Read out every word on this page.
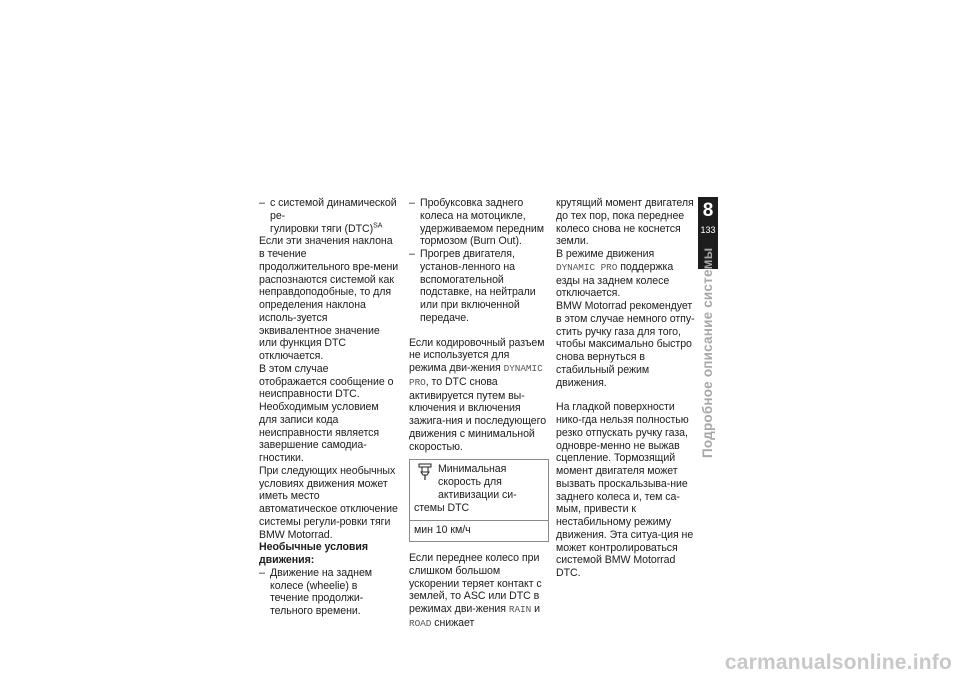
– с системой динамической ре-
гулировки тяги (DTC)$^{SA}$

Если эти значения наклона в течение продолжительного вре-мени распознаются системой как неправдоподобные, то для определения наклона исполь-зуется эквивалентное значение или функция DTC отключается.

В этом случае отображается сообщение о неисправности DTC. Необходимым условием для записи кода неисправности является завершение самодиа-гностики.

При следующих необычных условиях движения может иметь место автоматическое отключение системы регули-ровки тяги BMW Motorrad.

Необычные условия движения:

– Движение на заднем колесе (wheelie) в течение продолжи-тельного времени.
– Пробуксовка заднего колеса на мотоцикле, удерживаемом передним тормозом (Burn Out).
– Прогрев двигателя, установ-ленного на вспомогательной подставке, на нейтрали или при включенной передаче.

Если кодировочный разъем не используется для режима дви-жения DYNAMIC PRO, то DTC снова активируется путем вы-ключения и включения зажига-ния и последующего движения с минимальной скоростью.

Минимальная скорость для активизации си-
стемы DTC
мин 10 км/ч

Если переднее колесо при слишком большом ускорении теряет контакт с землей, то ASC или DTC в режимах дви-жения RAIN и ROAD снижает

крутящий момент двигателя до тех пор, пока переднее колесо снова не коснется земли.

В режиме движения DYNAMIC PRO поддержка езды на заднем колесе отключается.

BMW Motorrad рекомендует в этом случае немного отпу-стить ручку газа для того, чтобы максимально быстро снова вернуться в стабильный режим движения.

На гладкой поверхности нико-гда нельзя полностью резко отпускать ручку газа, одновре-менно не выжав сцепление. Тормозящий момент двигателя может вызвать проскальзыва-ние заднего колеса и, тем са-мым, привести к нестабильному режиму движения. Эта ситуа-ция не может контролироваться системой BMW Motorrad DTC.

8
133
Подробное описание системы
carmanualsonline.info
